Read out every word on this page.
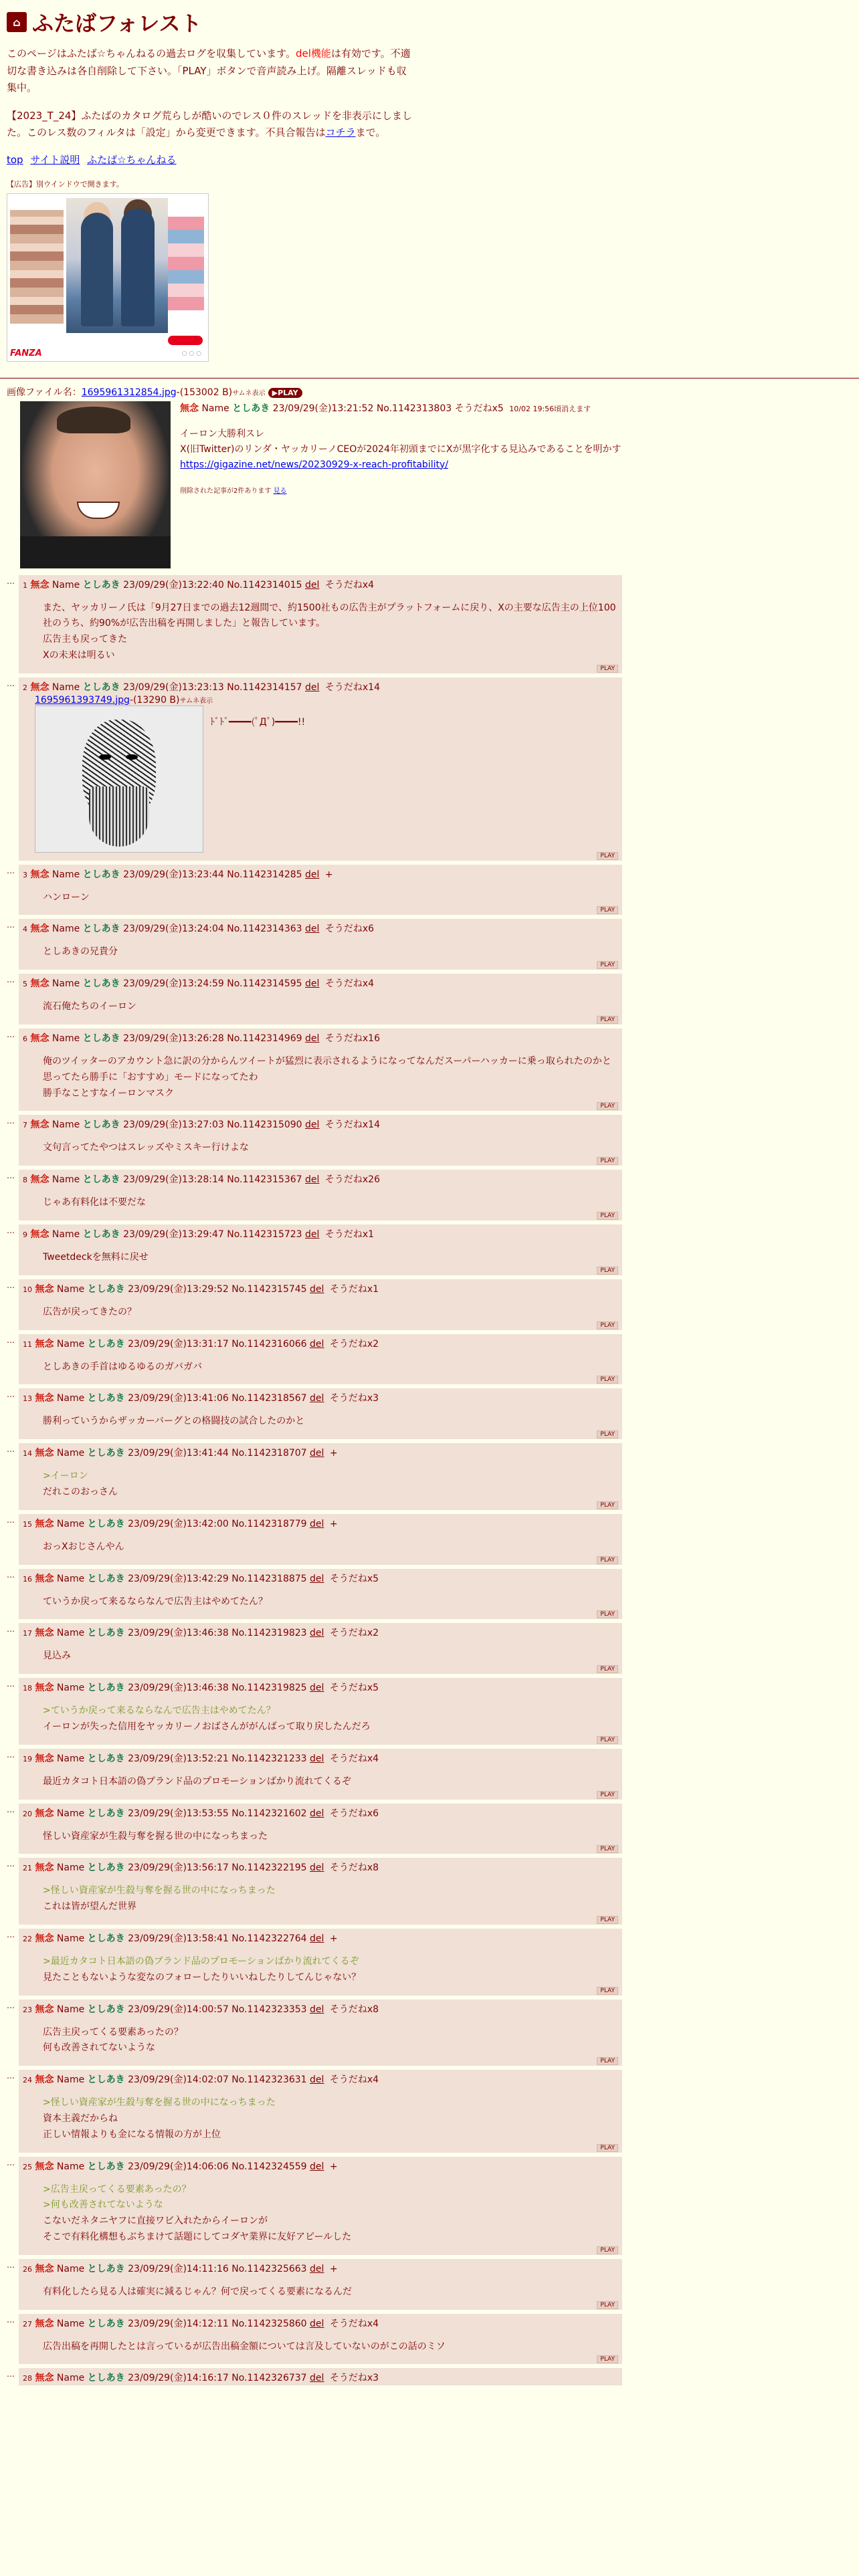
⌂ ふたばフォレスト

このページはふたば☆ちゃんねるの過去ログを収集しています。del機能は有効です。不適切な書き込みは各自削除して下さい。「PLAY」ボタンで音声読み上げ。隔離スレッドも収集中。

【2023_T_24】ふたばのカタログ荒らしが酷いのでレス０件のスレッドを非表示にしました。このレス数のフィルタは「設定」から変更できます。不具合報告はコチラまで。

top サイト説明 ふたば☆ちゃんねる
【広告】別ウインドウで開きます。
FANZA	○ ○ ○
画像ファイル名：1695961312854.jpg-(153002 B)サムネ表示 ▶PLAY
無念 Name としあき 23/09/29(金)13:21:52 No.1142313803 そうだねx5 10/02 19:56頃消えます

イーロン大勝利スレ
X(旧Twitter)のリンダ・ヤッカリーノCEOが2024年初頭までにXが黒字化する見込みであることを明かす
https://gigazine.net/news/20230929-x-reach-profitability/

削除された記事が2件あります 見る
…	1 無念 Name としあき 23/09/29(金)13:22:40 No.1142314015 del そうだねx4
また、ヤッカリーノ氏は「9月27日までの過去12週間で、約1500社もの広告主がプラットフォームに戻り、Xの主要な広告主の上位100社のうち、約90%が広告出稿を再開しました」と報告しています。
広告主も戻ってきた
Xの未来は明るい
PLAY
…	2 無念 Name としあき 23/09/29(金)13:23:13 No.1142314157 del そうだねx14
1695961393749.jpg-(13290 B)サムネ表示
ﾄﾞﾄﾞ━━━━(ﾟДﾟ)━━━━!!
PLAY
…	3 無念 Name としあき 23/09/29(金)13:23:44 No.1142314285 del +
ハンローン
PLAY
…	4 無念 Name としあき 23/09/29(金)13:24:04 No.1142314363 del そうだねx6
としあきの兄貴分
PLAY
…	5 無念 Name としあき 23/09/29(金)13:24:59 No.1142314595 del そうだねx4
流石俺たちのイーロン
PLAY
…	6 無念 Name としあき 23/09/29(金)13:26:28 No.1142314969 del そうだねx16
俺のツイッターのアカウント急に訳の分からんツイートが猛烈に表示されるようになってなんだスーパーハッカーに乗っ取られたのかと思ってたら勝手に「おすすめ」モードになってたわ
勝手なことすなイーロンマスク
PLAY
…	7 無念 Name としあき 23/09/29(金)13:27:03 No.1142315090 del そうだねx14
文句言ってたやつはスレッズやミスキー行けよな
PLAY
…	8 無念 Name としあき 23/09/29(金)13:28:14 No.1142315367 del そうだねx26
じゃあ有料化は不要だな
PLAY
…	9 無念 Name としあき 23/09/29(金)13:29:47 No.1142315723 del そうだねx1
Tweetdeckを無料に戻せ
PLAY
…	10 無念 Name としあき 23/09/29(金)13:29:52 No.1142315745 del そうだねx1
広告が戻ってきたの？
PLAY
…	11 無念 Name としあき 23/09/29(金)13:31:17 No.1142316066 del そうだねx2
としあきの手首はゆるゆるのガバガバ
PLAY
…	13 無念 Name としあき 23/09/29(金)13:41:06 No.1142318567 del そうだねx3
勝利っていうからザッカーバーグとの格闘技の試合したのかと
PLAY
…	14 無念 Name としあき 23/09/29(金)13:41:44 No.1142318707 del +
>イーロン
だれこのおっさん
PLAY
…	15 無念 Name としあき 23/09/29(金)13:42:00 No.1142318779 del +
おっXおじさんやん
PLAY
…	16 無念 Name としあき 23/09/29(金)13:42:29 No.1142318875 del そうだねx5
ていうか戻って来るならなんで広告主はやめてたん？
PLAY
…	17 無念 Name としあき 23/09/29(金)13:46:38 No.1142319823 del そうだねx2
見込み
PLAY
…	18 無念 Name としあき 23/09/29(金)13:46:38 No.1142319825 del そうだねx5
>ていうか戻って来るならなんで広告主はやめてたん？
イーロンが失った信用をヤッカリーノおばさんががんばって取り戻したんだろ
PLAY
…	19 無念 Name としあき 23/09/29(金)13:52:21 No.1142321233 del そうだねx4
最近カタコト日本語の偽ブランド品のプロモーションばかり流れてくるぞ
PLAY
…	20 無念 Name としあき 23/09/29(金)13:53:55 No.1142321602 del そうだねx6
怪しい資産家が生殺与奪を握る世の中になっちまった
PLAY
…	21 無念 Name としあき 23/09/29(金)13:56:17 No.1142322195 del そうだねx8
>怪しい資産家が生殺与奪を握る世の中になっちまった
これは皆が望んだ世界
PLAY
…	22 無念 Name としあき 23/09/29(金)13:58:41 No.1142322764 del +
>最近カタコト日本語の偽ブランド品のプロモーションばかり流れてくるぞ
見たこともないような変なのフォローしたりいいねしたりしてんじゃない？
PLAY
…	23 無念 Name としあき 23/09/29(金)14:00:57 No.1142323353 del そうだねx8
広告主戻ってくる要素あったの？
何も改善されてないような
PLAY
…	24 無念 Name としあき 23/09/29(金)14:02:07 No.1142323631 del そうだねx4
>怪しい資産家が生殺与奪を握る世の中になっちまった
資本主義だからね
正しい情報よりも金になる情報の方が上位
PLAY
…	25 無念 Name としあき 23/09/29(金)14:06:06 No.1142324559 del +
>広告主戻ってくる要素あったの？
>何も改善されてないような
こないだネタニヤフに直接ワビ入れたからイーロンが
そこで有料化構想もぶちまけて話題にしてコダヤ業界に友好アピールした
PLAY
…	26 無念 Name としあき 23/09/29(金)14:11:16 No.1142325663 del +
有料化したら見る人は確実に減るじゃん？何で戻ってくる要素になるんだ
PLAY
…	27 無念 Name としあき 23/09/29(金)14:12:11 No.1142325860 del そうだねx4
広告出稿を再開したとは言っているが広告出稿金額については言及していないのがこの話のミソ
PLAY
…	28 無念 Name としあき 23/09/29(金)14:16:17 No.1142326737 del そうだねx3
